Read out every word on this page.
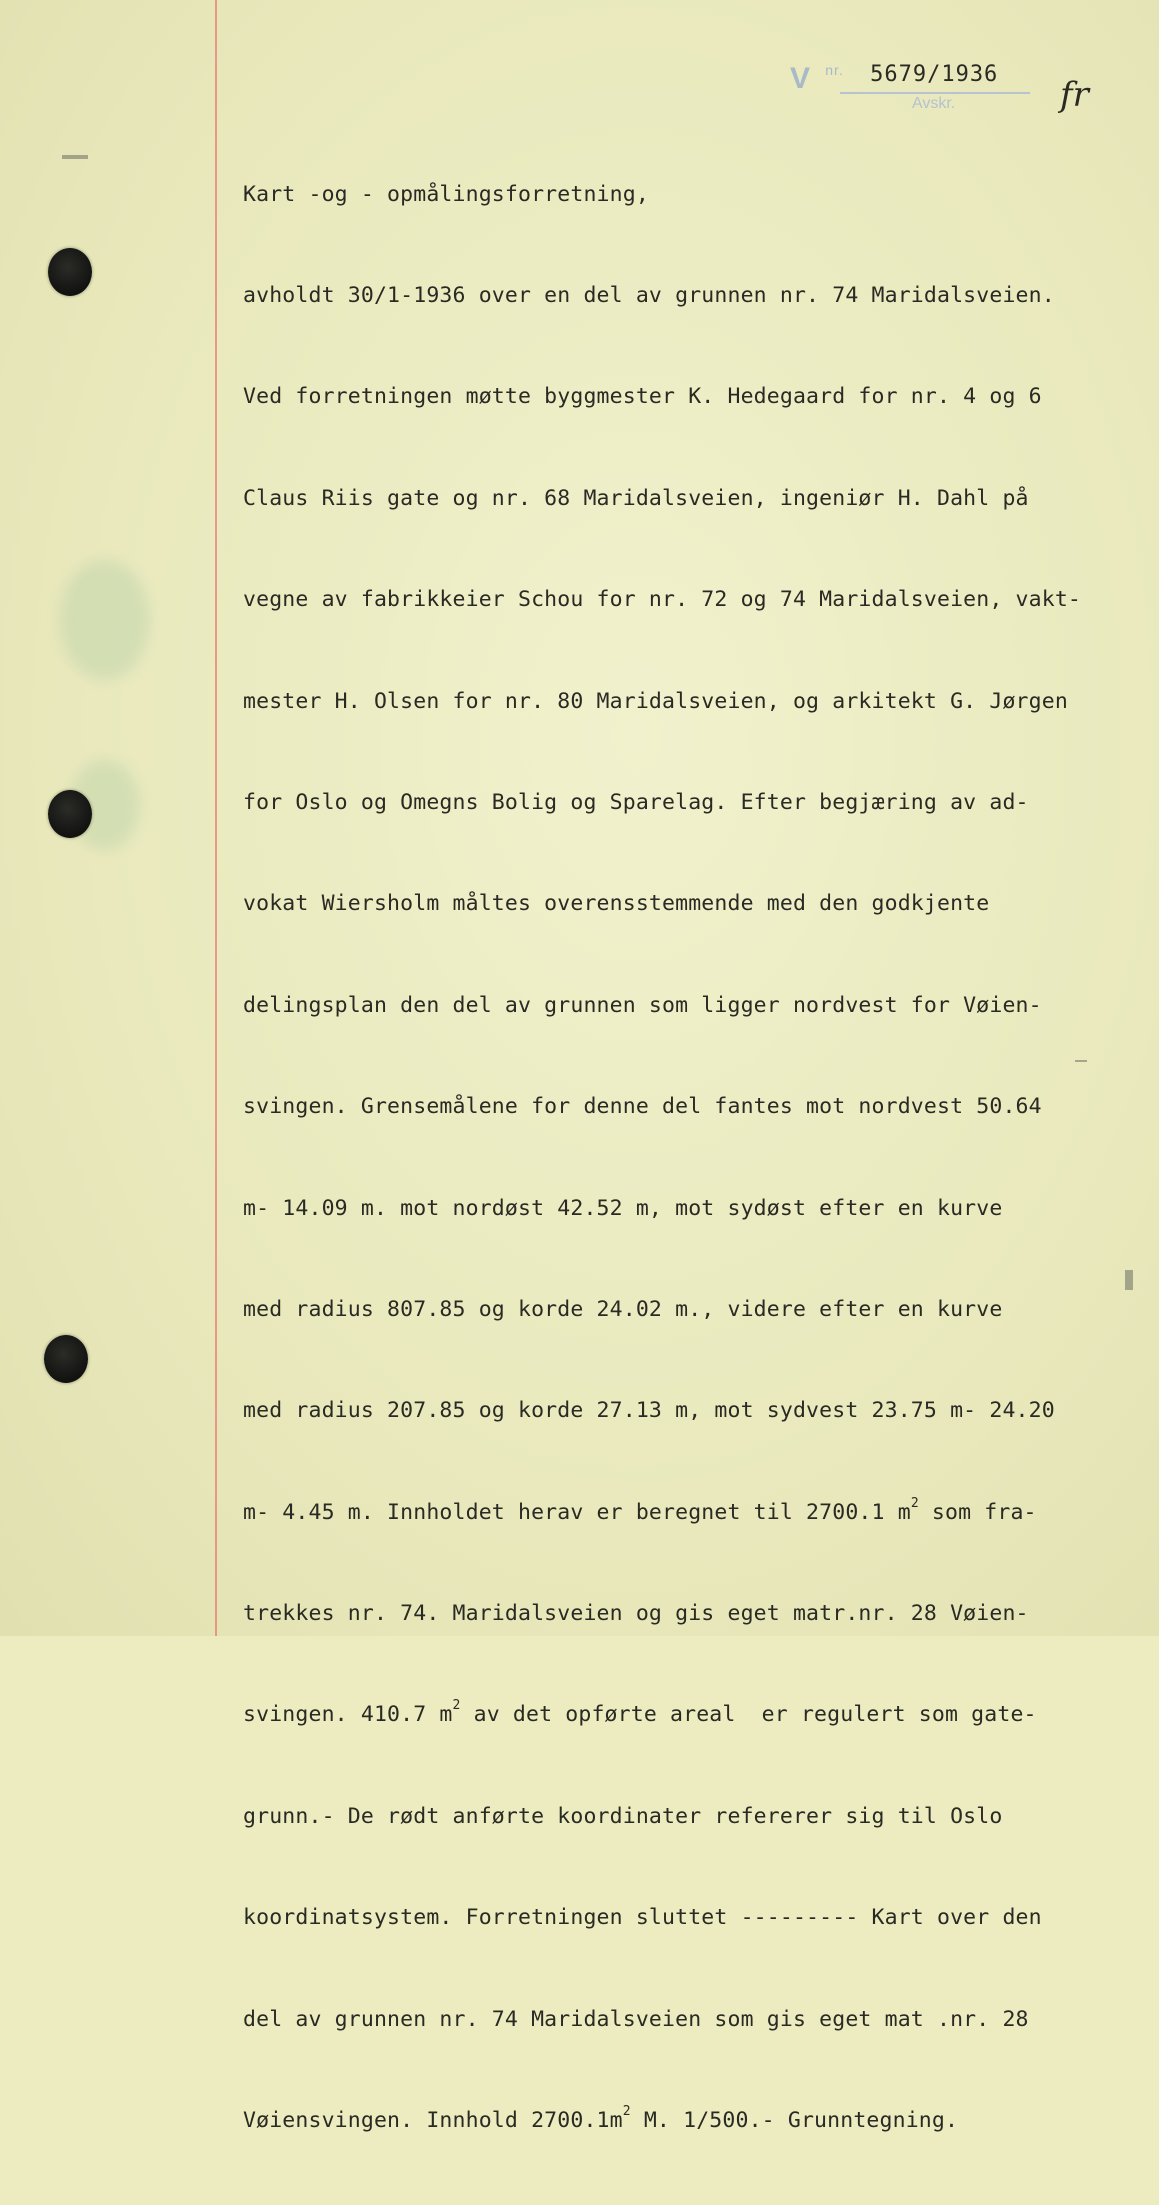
V $^{nr.}$ 5679/1936
Avskr.	fr

Kart -og - opmålingsforretning,

avholdt 30/1-1936 over en del av grunnen nr. 74 Maridalsveien.

Ved forretningen møtte byggmester K. Hedegaard for nr. 4 og 6

Claus Riis gate og nr. 68 Maridalsveien, ingeniør H. Dahl på

vegne av fabrikkeier Schou for nr. 72 og 74 Maridalsveien, vakt-

mester H. Olsen for nr. 80 Maridalsveien, og arkitekt G. Jørgen

for Oslo og Omegns Bolig og Sparelag. Efter begjæring av ad-

vokat Wiersholm måltes overensstemmende med den godkjente

delingsplan den del av grunnen som ligger nordvest for Vøien-

svingen. Grensemålene for denne del fantes mot nordvest 50.64

m- 14.09 m. mot nordøst 42.52 m, mot sydøst efter en kurve

med radius 807.85 og korde 24.02 m., videre efter en kurve

med radius 207.85 og korde 27.13 m, mot sydvest 23.75 m- 24.20

m- 4.45 m. Innholdet herav er beregnet til 2700.1 $m^2$ som fra-

trekkes nr. 74. Maridalsveien og gis eget matr.nr. 28 Vøien-

svingen. 410.7 $m^2$ av det opførte areal  er regulert som gate-

grunn.- De rødt anførte koordinater refererer sig til Oslo

koordinatsystem. Forretningen sluttet --------- Kart over den

del av grunnen nr. 74 Maridalsveien som gis eget mat .nr. 28

Vøiensvingen. Innhold $2700.1m^2$ M. 1/500.- Grunntegning.
